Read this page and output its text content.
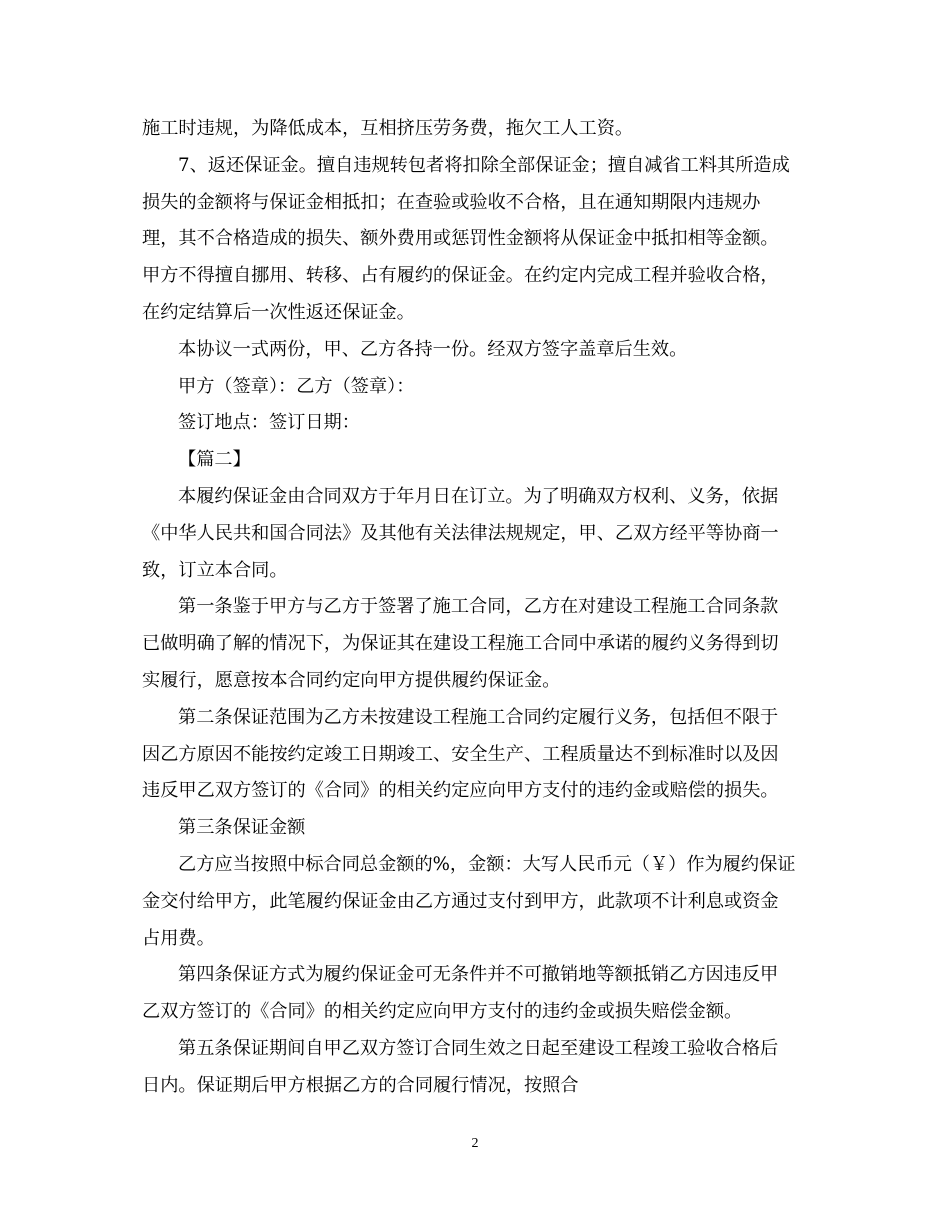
施工时违规，为降低成本，互相挤压劳务费，拖欠工人工资。
7、返还保证金。擅自违规转包者将扣除全部保证金；擅自减省工料其所造成
损失的金额将与保证金相抵扣；在查验或验收不合格，且在通知期限内违规办
理，其不合格造成的损失、额外费用或惩罚性金额将从保证金中抵扣相等金额。
甲方不得擅自挪用、转移、占有履约的保证金。在约定内完成工程并验收合格，
在约定结算后一次性返还保证金。
本协议一式两份，甲、乙方各持一份。经双方签字盖章后生效。
甲方（签章）：乙方（签章）：
签订地点：签订日期：
【篇二】
本履约保证金由合同双方于年月日在订立。为了明确双方权利、义务，依据
《中华人民共和国合同法》及其他有关法律法规规定，甲、乙双方经平等协商一
致，订立本合同。
第一条鉴于甲方与乙方于签署了施工合同，乙方在对建设工程施工合同条款
已做明确了解的情况下，为保证其在建设工程施工合同中承诺的履约义务得到切
实履行，愿意按本合同约定向甲方提供履约保证金。
第二条保证范围为乙方未按建设工程施工合同约定履行义务，包括但不限于
因乙方原因不能按约定竣工日期竣工、安全生产、工程质量达不到标准时以及因
违反甲乙双方签订的《合同》的相关约定应向甲方支付的违约金或赔偿的损失。
第三条保证金额
乙方应当按照中标合同总金额的%，金额：大写人民币元（￥）作为履约保证
金交付给甲方，此笔履约保证金由乙方通过支付到甲方，此款项不计利息或资金
占用费。
第四条保证方式为履约保证金可无条件并不可撤销地等额抵销乙方因违反甲
乙双方签订的《合同》的相关约定应向甲方支付的违约金或损失赔偿金额。
第五条保证期间自甲乙双方签订合同生效之日起至建设工程竣工验收合格后
日内。保证期后甲方根据乙方的合同履行情况，按照合
2
